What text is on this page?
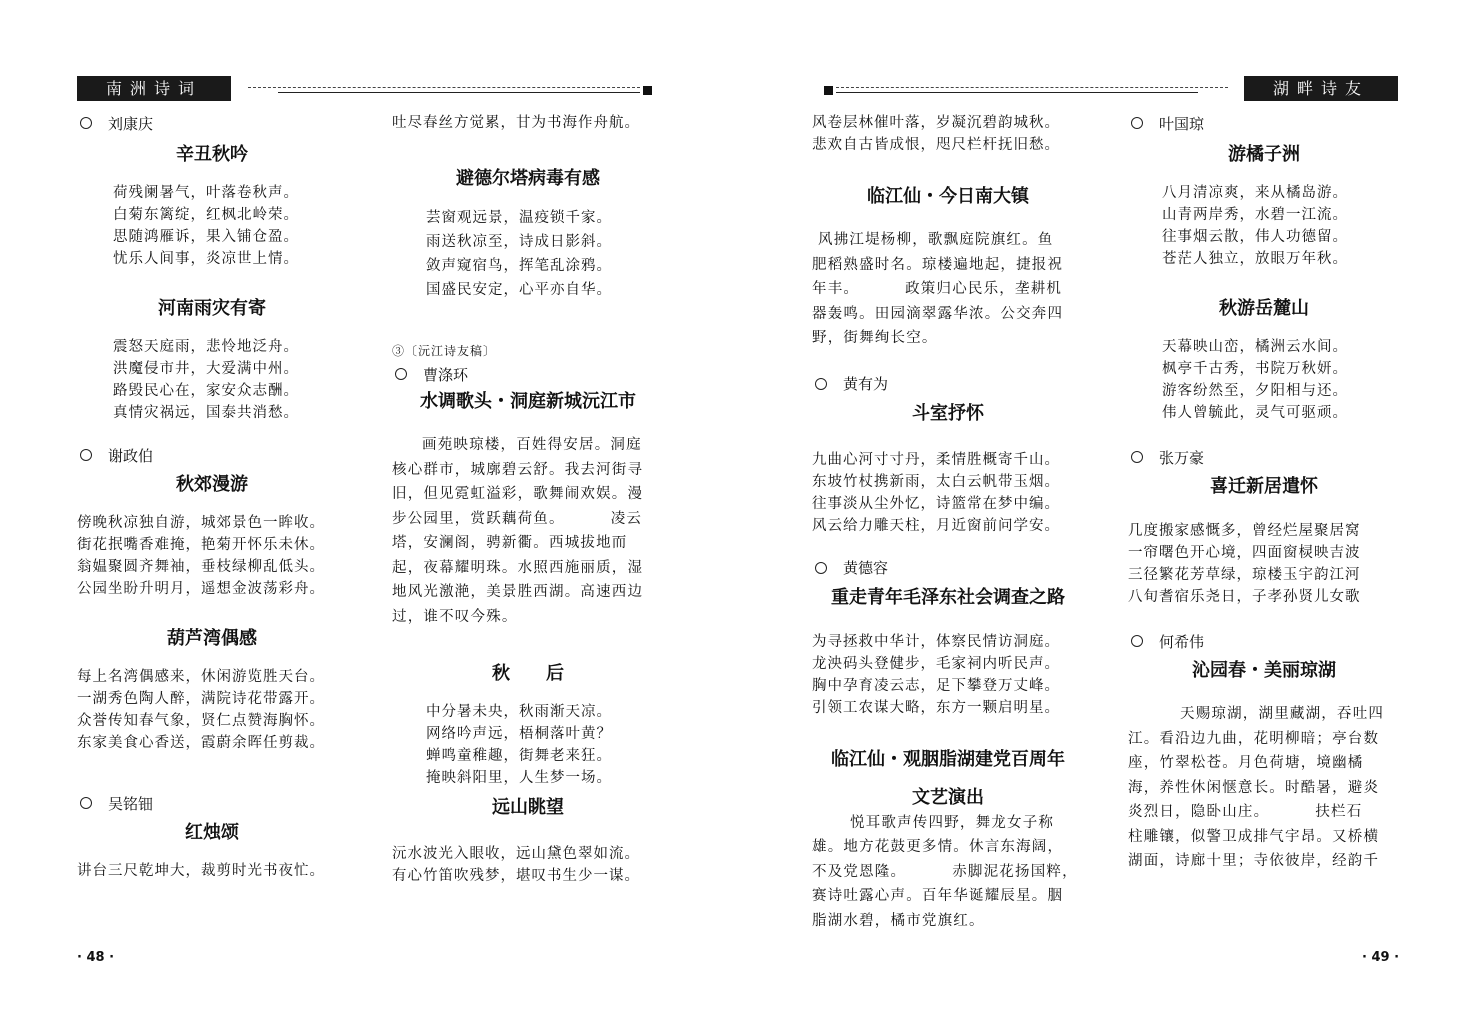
南洲诗词	湖畔诗友
刘康庆
辛丑秋吟
荷残阑暑气，叶落卷秋声。
白菊东篱绽，红枫北岭荣。
思随鸿雁诉，果入铺仓盈。
忧乐人间事，炎凉世上情。
河南雨灾有寄
震怒天庭雨，悲怜地泛舟。
洪魔侵市井，大爱满中州。
路毁民心在，家安众志酬。
真情灾祸远，国泰共消愁。
谢政伯
秋郊漫游
傍晚秋凉独自游，城郊景色一眸收。
街花抿嘴香难掩，艳菊开怀乐未休。
翁媪聚圆齐舞袖，垂枝绿柳乱低头。
公园坐盼升明月，遥想金波荡彩舟。
葫芦湾偶感
每上名湾偶感来，休闲游览胜天台。
一湖秀色陶人醉，满院诗花带露开。
众誉传知春气象，贤仁点赞海胸怀。
东家美食心香送，霞蔚余晖任剪裁。
吴铭钿
红烛颂
讲台三尺乾坤大，裁剪时光书夜忙。
· 48 ·
吐尽春丝方觉累，甘为书海作舟航。
避德尔塔病毒有感
芸窗观远景，温疫锁千家。
雨送秋凉至，诗成日影斜。
敛声窥宿鸟，挥笔乱涂鸦。
国盛民安定，心平亦自华。
③〔沅江诗友稿〕
曹涤环
水调歌头・洞庭新城沅江市
画苑映琼楼，百姓得安居。洞庭
核心群市，城廓碧云舒。我去河街寻
旧，但见霓虹溢彩，歌舞闹欢娱。漫
步公园里，赏跃藕荷鱼。	凌云
塔，安澜阁，骋新衢。西城拔地而
起，夜幕耀明珠。水照西施丽质，湿
地风光激滟，美景胜西湖。高速西边
过，谁不叹今殊。
秋　　后
中分暑未央，秋雨渐天凉。
网络吟声远，梧桐落叶黄？
蝉鸣童稚趣，街舞老来狂。
掩映斜阳里，人生梦一场。
远山眺望
沅水波光入眼收，远山黛色翠如流。
有心竹笛吹残梦，堪叹书生少一谋。
风卷层林催叶落，岁凝沉碧韵城秋。
悲欢自古皆成恨，咫尺栏杆抚旧愁。
临江仙・今日南大镇
风拂江堤杨柳，歌飘庭院旗红。鱼
肥稻熟盛时名。琼楼遍地起，捷报祝
年丰。	政策归心民乐，垄耕机
器轰鸣。田园滴翠露华浓。公交奔四
野，街舞绚长空。
黄有为
斗室抒怀
九曲心河寸寸丹，柔情胜概寄千山。
东坡竹杖携新雨，太白云帆带玉烟。
往事淡从尘外忆，诗篮常在梦中编。
风云给力雕天柱，月近窗前问学安。
黄德容
重走青年毛泽东社会调查之路
为寻拯救中华计，体察民情访洞庭。
龙泱码头登健步，毛家祠内听民声。
胸中孕育凌云志，足下攀登万丈峰。
引领工农谋大略，东方一颗启明星。
临江仙・观胭脂湖建党百周年
文艺演出
悦耳歌声传四野，舞龙女子称
雄。地方花鼓更多情。休言东海阔，
不及党恩隆。	赤脚泥花扬国粹，
赛诗吐露心声。百年华诞耀辰星。胭
脂湖水碧，橘市党旗红。
叶国琼
游橘子洲
八月清凉爽，来从橘岛游。
山青两岸秀，水碧一江流。
往事烟云散，伟人功德留。
苍茫人独立，放眼万年秋。
秋游岳麓山
天幕映山峦，橘洲云水间。
枫亭千古秀，书院万秋妍。
游客纷然至，夕阳相与还。
伟人曾毓此，灵气可驱顽。
张万豪
喜迁新居遣怀
几度搬家感慨多，曾经烂屋聚居窝
一帘曙色开心境，四面窗棂映吉波
三径繁花芳草绿，琼楼玉宇韵江河
八旬耆宿乐尧日，子孝孙贤儿女歌
何希伟
沁园春・美丽琼湖
天赐琼湖，湖里藏湖，吞吐四
江。看沿边九曲，花明柳暗；亭台数
座，竹翠松苍。月色荷塘，境幽橘
海，养性休闲惬意长。时酷暑，避炎
炎烈日，隐卧山庄。	扶栏石
柱雕镶，似警卫成排气宇昂。又桥横
湖面，诗廊十里；寺依彼岸，经韵千
· 49 ·
